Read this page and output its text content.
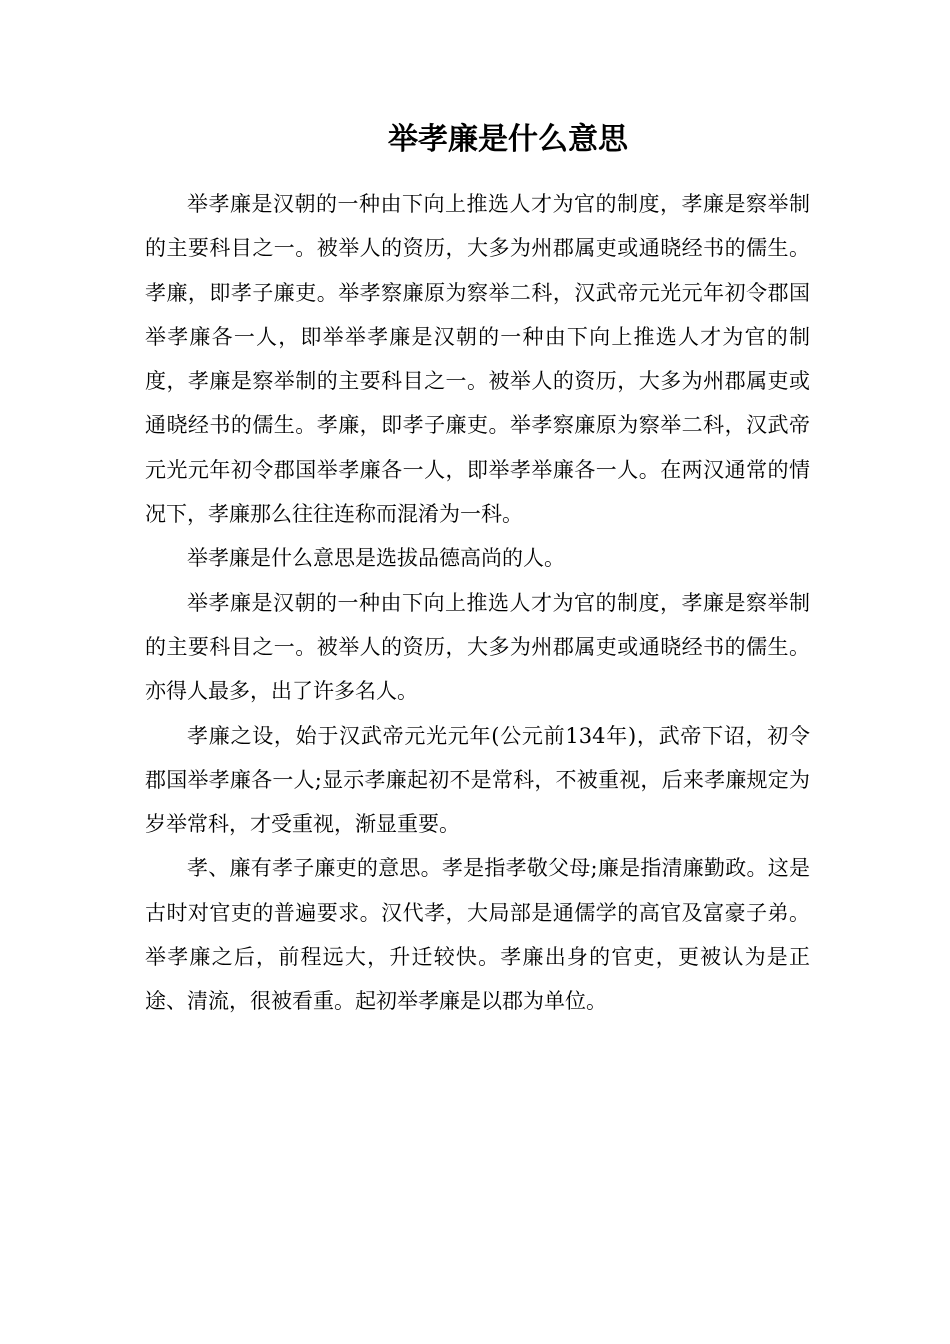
举孝廉是什么意思

举孝廉是汉朝的一种由下向上推选人才为官的制度，孝廉是察举制的主要科目之一。被举人的资历，大多为州郡属吏或通晓经书的儒生。孝廉，即孝子廉吏。举孝察廉原为察举二科，汉武帝元光元年初令郡国举孝廉各一人，即举举孝廉是汉朝的一种由下向上推选人才为官的制度，孝廉是察举制的主要科目之一。被举人的资历，大多为州郡属吏或通晓经书的儒生。孝廉，即孝子廉吏。举孝察廉原为察举二科，汉武帝元光元年初令郡国举孝廉各一人，即举孝举廉各一人。在两汉通常的情况下，孝廉那么往往连称而混淆为一科。

举孝廉是什么意思是选拔品德高尚的人。

举孝廉是汉朝的一种由下向上推选人才为官的制度，孝廉是察举制的主要科目之一。被举人的资历，大多为州郡属吏或通晓经书的儒生。亦得人最多，出了许多名人。

孝廉之设，始于汉武帝元光元年(公元前134年)，武帝下诏，初令郡国举孝廉各一人;显示孝廉起初不是常科，不被重视，后来孝廉规定为岁举常科，才受重视，渐显重要。

孝、廉有孝子廉吏的意思。孝是指孝敬父母;廉是指清廉勤政。这是古时对官吏的普遍要求。汉代孝，大局部是通儒学的高官及富豪子弟。举孝廉之后，前程远大，升迁较快。孝廉出身的官吏，更被认为是正途、清流，很被看重。起初举孝廉是以郡为单位。
